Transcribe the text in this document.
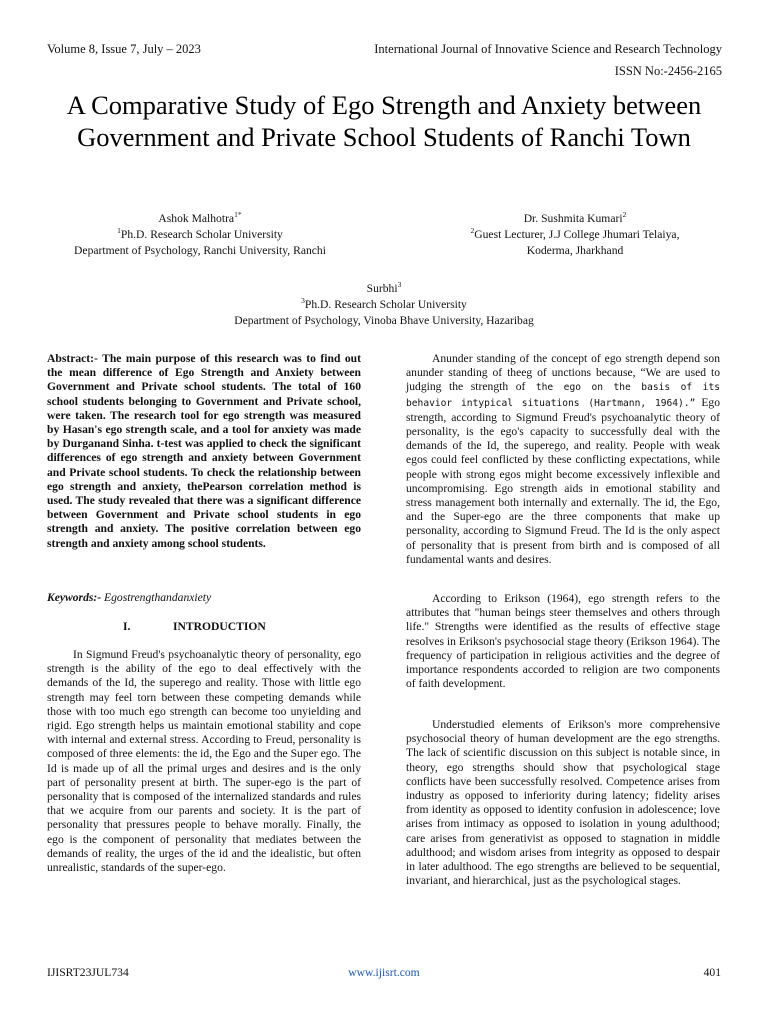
Volume 8, Issue 7, July – 2023	International Journal of Innovative Science and Research Technology
ISSN No:-2456-2165
A Comparative Study of Ego Strength and Anxiety between Government and Private School Students of Ranchi Town
Ashok Malhotra$^{1*}$
$^1$Ph.D. Research Scholar University
Department of Psychology, Ranchi University, Ranchi
Dr. Sushmita Kumari$^2$
$^2$Guest Lecturer, J.J College Jhumari Telaiya,
Koderma, Jharkhand
Surbhi$^3$
$^3$Ph.D. Research Scholar University
Department of Psychology, Vinoba Bhave University, Hazaribag

Abstract:- The main purpose of this research was to find out the mean difference of Ego Strength and Anxiety between Government and Private school students. The total of 160 school students belonging to Government and Private school, were taken. The research tool for ego strength was measured by Hasan's ego strength scale, and a tool for anxiety was made by Durganand Sinha. t-test was applied to check the significant differences of ego strength and anxiety between Government and Private school students. To check the relationship between ego strength and anxiety, thePearson correlation method is used. The study revealed that there was a significant difference between Government and Private school students in ego strength and anxiety. The positive correlation between ego strength and anxiety among school students.

Keywords:- Egostrengthandanxiety
I.	INTRODUCTION

In Sigmund Freud's psychoanalytic theory of personality, ego strength is the ability of the ego to deal effectively with the demands of the Id, the superego and reality. Those with little ego strength may feel torn between these competing demands while those with too much ego strength can become too unyielding and rigid. Ego strength helps us maintain emotional stability and cope with internal and external stress. According to Freud, personality is composed of three elements: the id, the Ego and the Super ego. The Id is made up of all the primal urges and desires and is the only part of personality present at birth. The super-ego is the part of personality that is composed of the internalized standards and rules that we acquire from our parents and society. It is the part of personality that pressures people to behave morally. Finally, the ego is the component of personality that mediates between the demands of reality, the urges of the id and the idealistic, but often unrealistic, standards of the super-ego.

Anunder standing of the concept of ego strength depend son anunder standing of theeg of unctions because, “We are used to judging the strength of the ego on the basis of its behavior intypical situations (Hartmann, 1964).” Ego strength, according to Sigmund Freud's psychoanalytic theory of personality, is the ego's capacity to successfully deal with the demands of the Id, the superego, and reality. People with weak egos could feel conflicted by these conflicting expectations, while people with strong egos might become excessively inflexible and uncompromising. Ego strength aids in emotional stability and stress management both internally and externally. The id, the Ego, and the Super-ego are the three components that make up personality, according to Sigmund Freud. The Id is the only aspect of personality that is present from birth and is composed of all fundamental wants and desires.

According to Erikson (1964), ego strength refers to the attributes that "human beings steer themselves and others through life." Strengths were identified as the results of effective stage resolves in Erikson's psychosocial stage theory (Erikson 1964). The frequency of participation in religious activities and the degree of importance respondents accorded to religion are two components of faith development.

Understudied elements of Erikson's more comprehensive psychosocial theory of human development are the ego strengths. The lack of scientific discussion on this subject is notable since, in theory, ego strengths should show that psychological stage conflicts have been successfully resolved. Competence arises from industry as opposed to inferiority during latency; fidelity arises from identity as opposed to identity confusion in adolescence; love arises from intimacy as opposed to isolation in young adulthood; care arises from generativist as opposed to stagnation in middle adulthood; and wisdom arises from integrity as opposed to despair in later adulthood. The ego strengths are believed to be sequential, invariant, and hierarchical, just as the psychological stages.

IJISRT23JUL734	www.ijisrt.com	401
